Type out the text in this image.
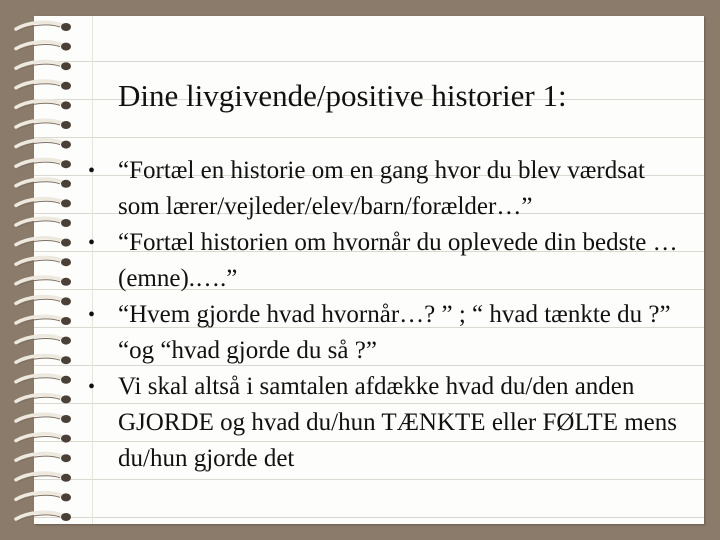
Dine livgivende/positive historier 1:
• “Fortæl en historie om en gang hvor du blev værdsat som lærer/vejleder/elev/barn/forælder…”
• “Fortæl historien om hvornår du oplevede din bedste …(emne).….”
• “Hvem gjorde hvad hvornår…? ” ; “ hvad tænkte du ?” “og “hvad gjorde du så ?”
• Vi skal altså i samtalen afdække hvad du/den anden GJORDE og hvad du/hun TÆNKTE eller FØLTE mens du/hun gjorde det
